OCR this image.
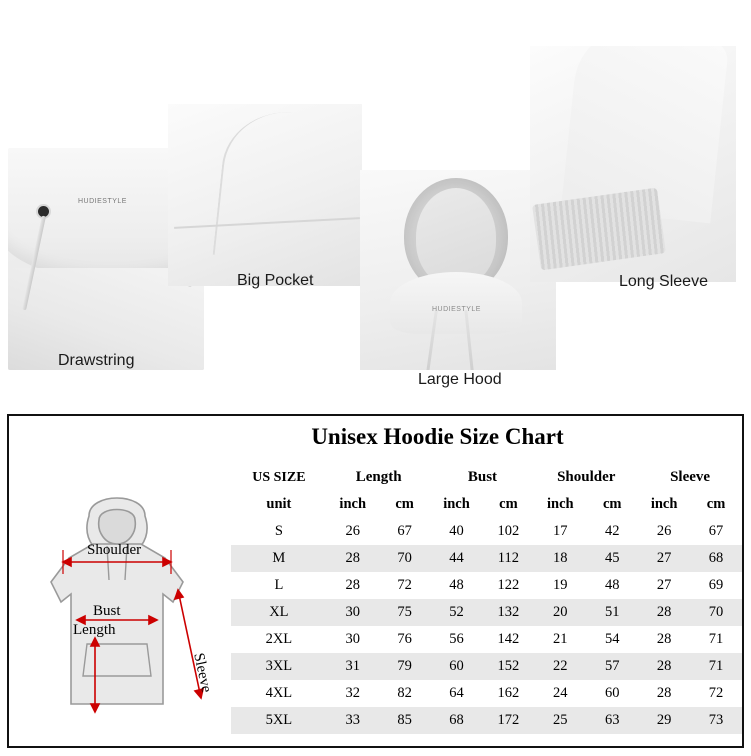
HUDIESTYLE
Drawstring
Big Pocket
HUDIESTYLE
Large Hood
Long Sleeve
Unisex Hoodie Size Chart
Shoulder
Bust
Length
Sleeve
US SIZE	Length		Bust		Shoulder		Sleeve	
unit	inch	cm	inch	cm	inch	cm	inch	cm
S	26	67	40	102	17	42	26	67
M	28	70	44	112	18	45	27	68
L	28	72	48	122	19	48	27	69
XL	30	75	52	132	20	51	28	70
2XL	30	76	56	142	21	54	28	71
3XL	31	79	60	152	22	57	28	71
4XL	32	82	64	162	24	60	28	72
5XL	33	85	68	172	25	63	29	73
